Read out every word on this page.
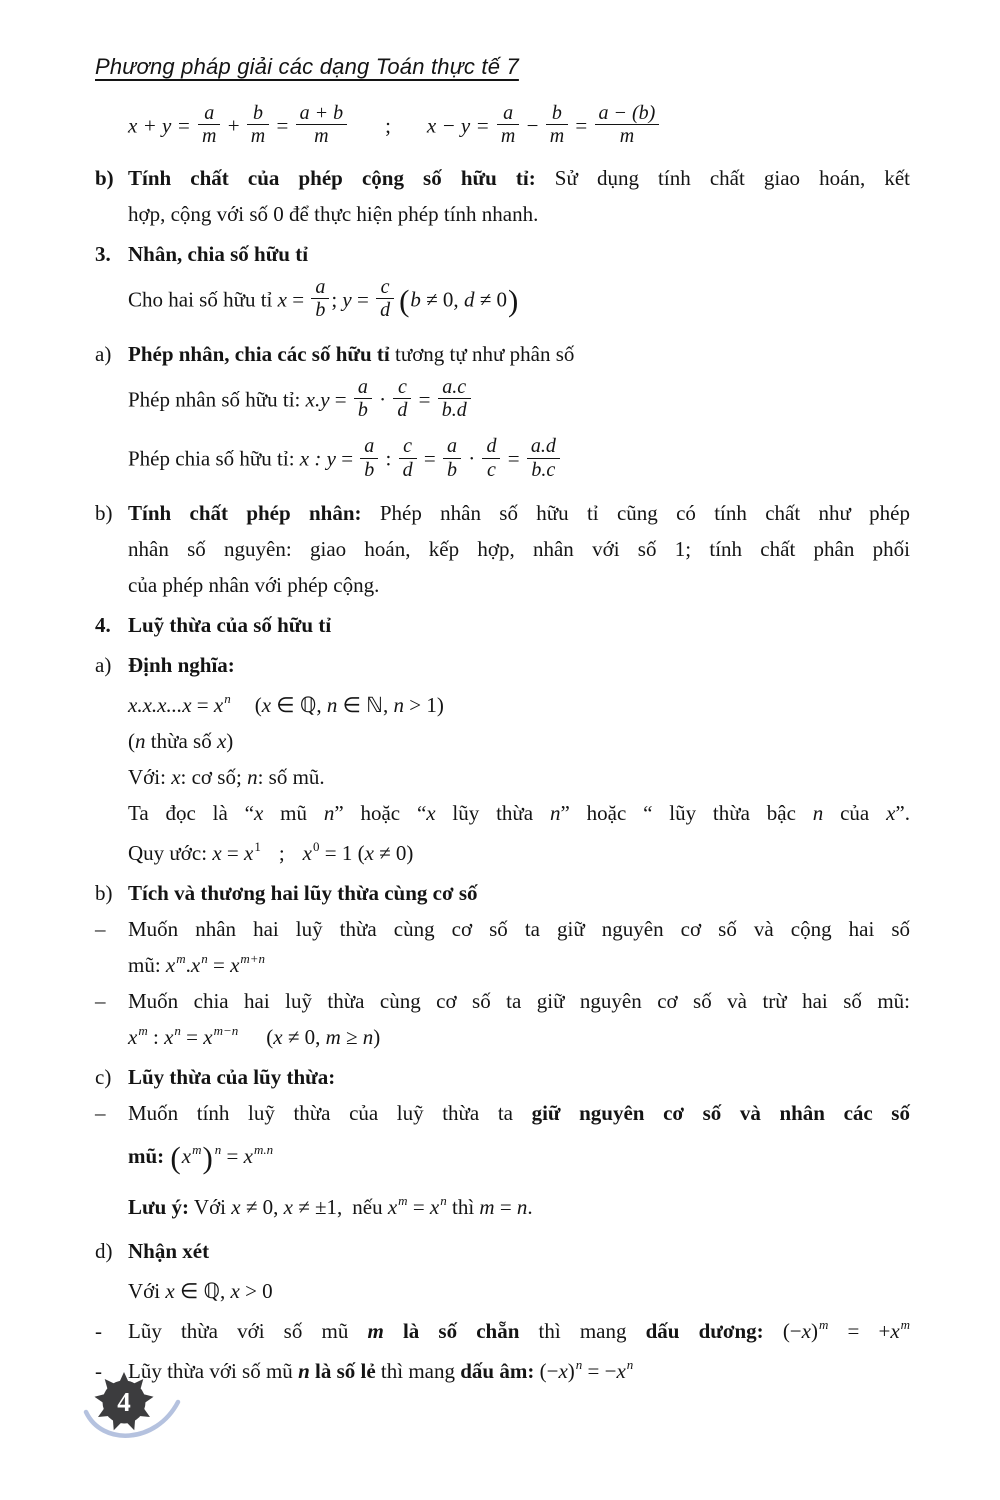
Phương pháp giải các dạng Toán thực tế 7
$x + y = \frac{a}{m} + \frac{b}{m} = \frac{a + b}{m}$ ; $x - y = \frac{a}{m} - \frac{b}{m} = \frac{a - (b)}{m}$
b) Tính chất của phép cộng số hữu tỉ: Sử dụng tính chất giao hoán, kết
hợp, cộng với số 0 để thực hiện phép tính nhanh.
3. Nhân, chia số hữu tỉ
Cho hai số hữu tỉ $x = \frac{a}{b}$ ; $y = \frac{c}{d} (b \ne 0$, d ≠ 0)
a) Phép nhân, chia các số hữu tỉ tương tự như phân số
Phép nhân số hữu tỉ: $x.y = \frac{a}{b} \cdot \frac{c}{d} = \frac{a.c}{b.d}$
Phép chia số hữu tỉ: x : $y = \frac{a}{b}$ : $\frac{c}{d} = \frac{a}{b} \cdot \frac{d}{c} = \frac{a.d}{b.c}$
b) Tính chất phép nhân: Phép nhân số hữu tỉ cũng có tính chất như phép
nhân số nguyên: giao hoán, kếp hợp, nhân với số 1; tính chất phân phối
của phép nhân với phép cộng.
4. Luỹ thừa của số hữu tỉ
a) Định nghĩa:
$x.x.x...x = x^n$ (x ∈ ℚ, n ∈ ℕ, n > 1)
(n thừa số x)
Với: x: cơ số; n: số mũ.
Ta đọc là “x mũ n” hoặc “x lũy thừa n” hoặc “ lũy thừa bậc n của x”.
Quy ước: $x = x^1$ ; $x^0 = 1$ (x ≠ 0)
b) Tích và thương hai lũy thừa cùng cơ số
–	Muốn nhân hai luỹ thừa cùng cơ số ta giữ nguyên cơ số và cộng hai số
mũ: $x^m.x^n = x^{m+n}$
–	Muốn chia hai luỹ thừa cùng cơ số ta giữ nguyên cơ số và trừ hai số mũ:
$x^m$ : $x^n = x^{m-n}$ (x ≠ 0, m ≥ n)
c) Lũy thừa của lũy thừa:
–	Muốn tính luỹ thừa của luỹ thừa ta giữ nguyên cơ số và nhân các số
mũ: $(x^m) ^n = x^{m.n}$
Lưu ý: Với x ≠ 0, x ≠ ±1, nếu $x^m = x^n$ thì m = n.
d) Nhận xét
Với x ∈ ℚ, x > 0
-	Lũy thừa với số mũ m là số chẵn thì mang dấu dương: $(-x)^m = +x^m$
-	Lũy thừa với số mũ n là số lẻ thì mang dấu âm: $(-x)^n = -x^n$
4
